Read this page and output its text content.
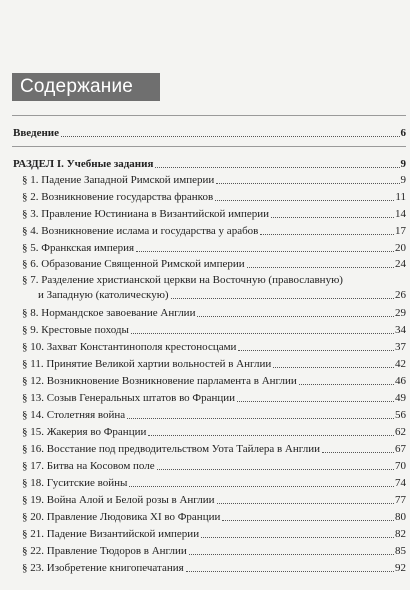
Содержание
Введение	6
РАЗДЕЛ I. Учебные задания	9
§ 1. Падение Западной Римской империи	9
§ 2. Возникновение государства франков	11
§ 3. Правление Юстиниана в Византийской империи	14
§ 4. Возникновение ислама и государства у арабов	17
§ 5. Франкская империя	20
§ 6. Образование Священной Римской империи	24
§ 7. Разделение христианской церкви на Восточную (православную)
и Западную (католическую)	26
§ 8. Нормандское завоевание Англии	29
§ 9. Крестовые походы	34
§ 10. Захват Константинополя крестоносцами	37
§ 11. Принятие Великой хартии вольностей в Англии	42
§ 12. Возникновение Возникновение парламента в Англии	46
§ 13. Созыв Генеральных штатов во Франции	49
§ 14. Столетняя война	56
§ 15. Жакерия во Франции	62
§ 16. Восстание под предводительством Уота Тайлера в Англии	67
§ 17. Битва на Косовом поле	70
§ 18. Гуситские войны	74
§ 19. Война Алой и Белой розы в Англии	77
§ 20. Правление Людовика XI во Франции	80
§ 21. Падение Византийской империи	82
§ 22. Правление Тюдоров в Англии	85
§ 23. Изобретение книгопечатания	92
